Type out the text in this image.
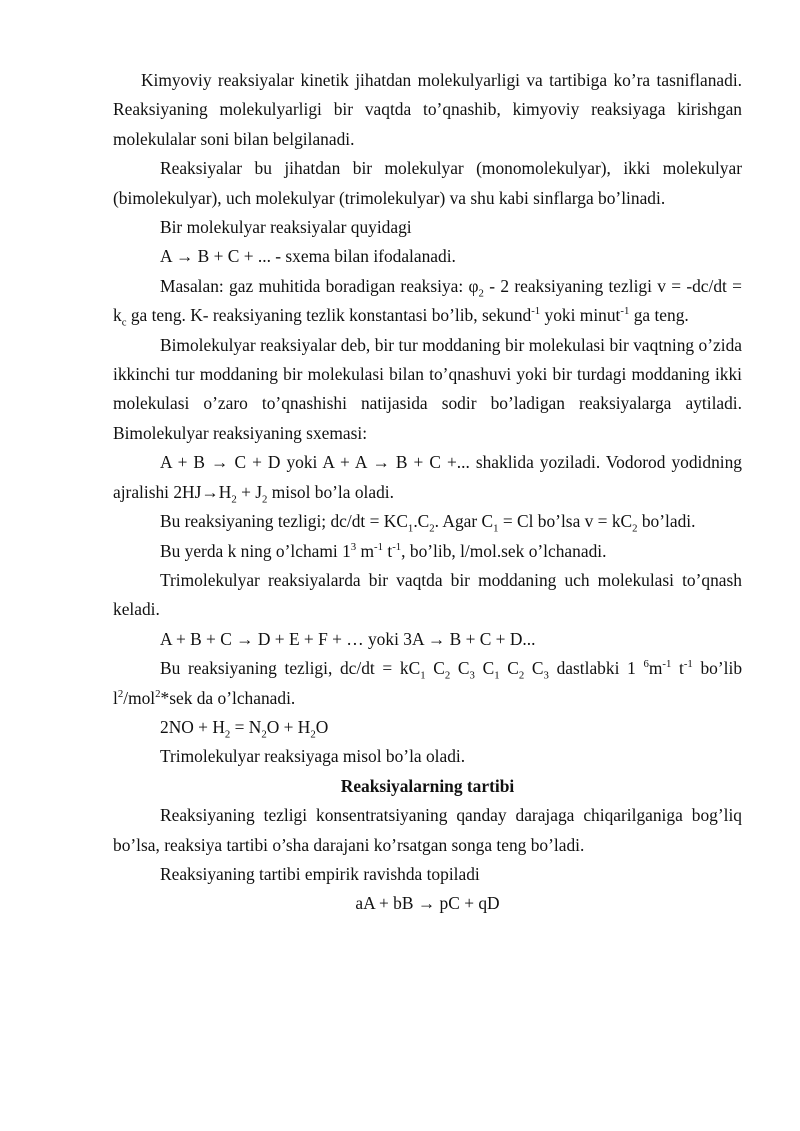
Kimyoviy reaksiyalar kinetik jihatdan molekulyarligi va tartibiga ko’ra tasniflanadi. Reaksiyaning molekulyarligi bir vaqtda to’qnashib, kimyoviy reaksiyaga kirishgan molekulalar soni bilan belgilanadi.

Reaksiyalar bu jihatdan bir molekulyar (monomolekulyar), ikki molekulyar (bimolekulyar), uch molekulyar (trimolekulyar) va shu kabi sinflarga bo’linadi.

Bir molekulyar reaksiyalar quyidagi

A → B + C + ... - sxema bilan ifodalanadi.

Masalan: gaz muhitida boradigan reaksiya: $\varphi_2 - 2$ reaksiyaning tezligi $v = -dc/dt = k_c$ ga teng. K- reaksiyaning tezlik konstantasi bo’lib, sekund$^{-1}$ yoki minut$^{-1}$ ga teng.

Bimolekulyar reaksiyalar deb, bir tur moddaning bir molekulasi bir vaqtning o’zida ikkinchi tur moddaning bir molekulasi bilan to’qnashuvi yoki bir turdagi moddaning ikki molekulasi o’zaro to’qnashishi natijasida sodir bo’ladigan reaksiyalarga aytiladi. Bimolekulyar reaksiyaning sxemasi:

A + B → C + D yoki A + A → B + C +... shaklida yoziladi. Vodorod yodidning ajralishi $2HJ\to H_2 + J_2$ misol bo’la oladi.

Bu reaksiyaning tezligi; $dc/dt = KC_1.C_2$. Agar $C_1 = Cl$ bo’lsa $v = kC_2$ bo’ladi.

Bu yerda k ning o’lchami $1^3$ $m^{-1}$ $t^{-1}$, bo’lib, l/mol.sek o’lchanadi.

Trimolekulyar reaksiyalarda bir vaqtda bir moddaning uch molekulasi to’qnash keladi.

A + B + C → D + E + F + … yoki 3A → B + C + D...

Bu reaksiyaning tezligi, $dc/dt = kC_1$ $C_2$ $C_3$ $C_1$ $C_2$ $C_3$ dastlabki 1 $^6m^{-1}$ $t^{-1}$ bo’lib $l^2/mol^2*sek$ da o’lchanadi.

$2NO + H_2 = N_2O + H_2O$

Trimolekulyar reaksiyaga misol bo’la oladi.

Reaksiyalarning tartibi

Reaksiyaning tezligi konsentratsiyaning qanday darajaga chiqarilganiga bog’liq bo’lsa, reaksiya tartibi o’sha darajani ko’rsatgan songa teng bo’ladi.

Reaksiyaning tartibi empirik ravishda topiladi

aA + bB → pC + qD
